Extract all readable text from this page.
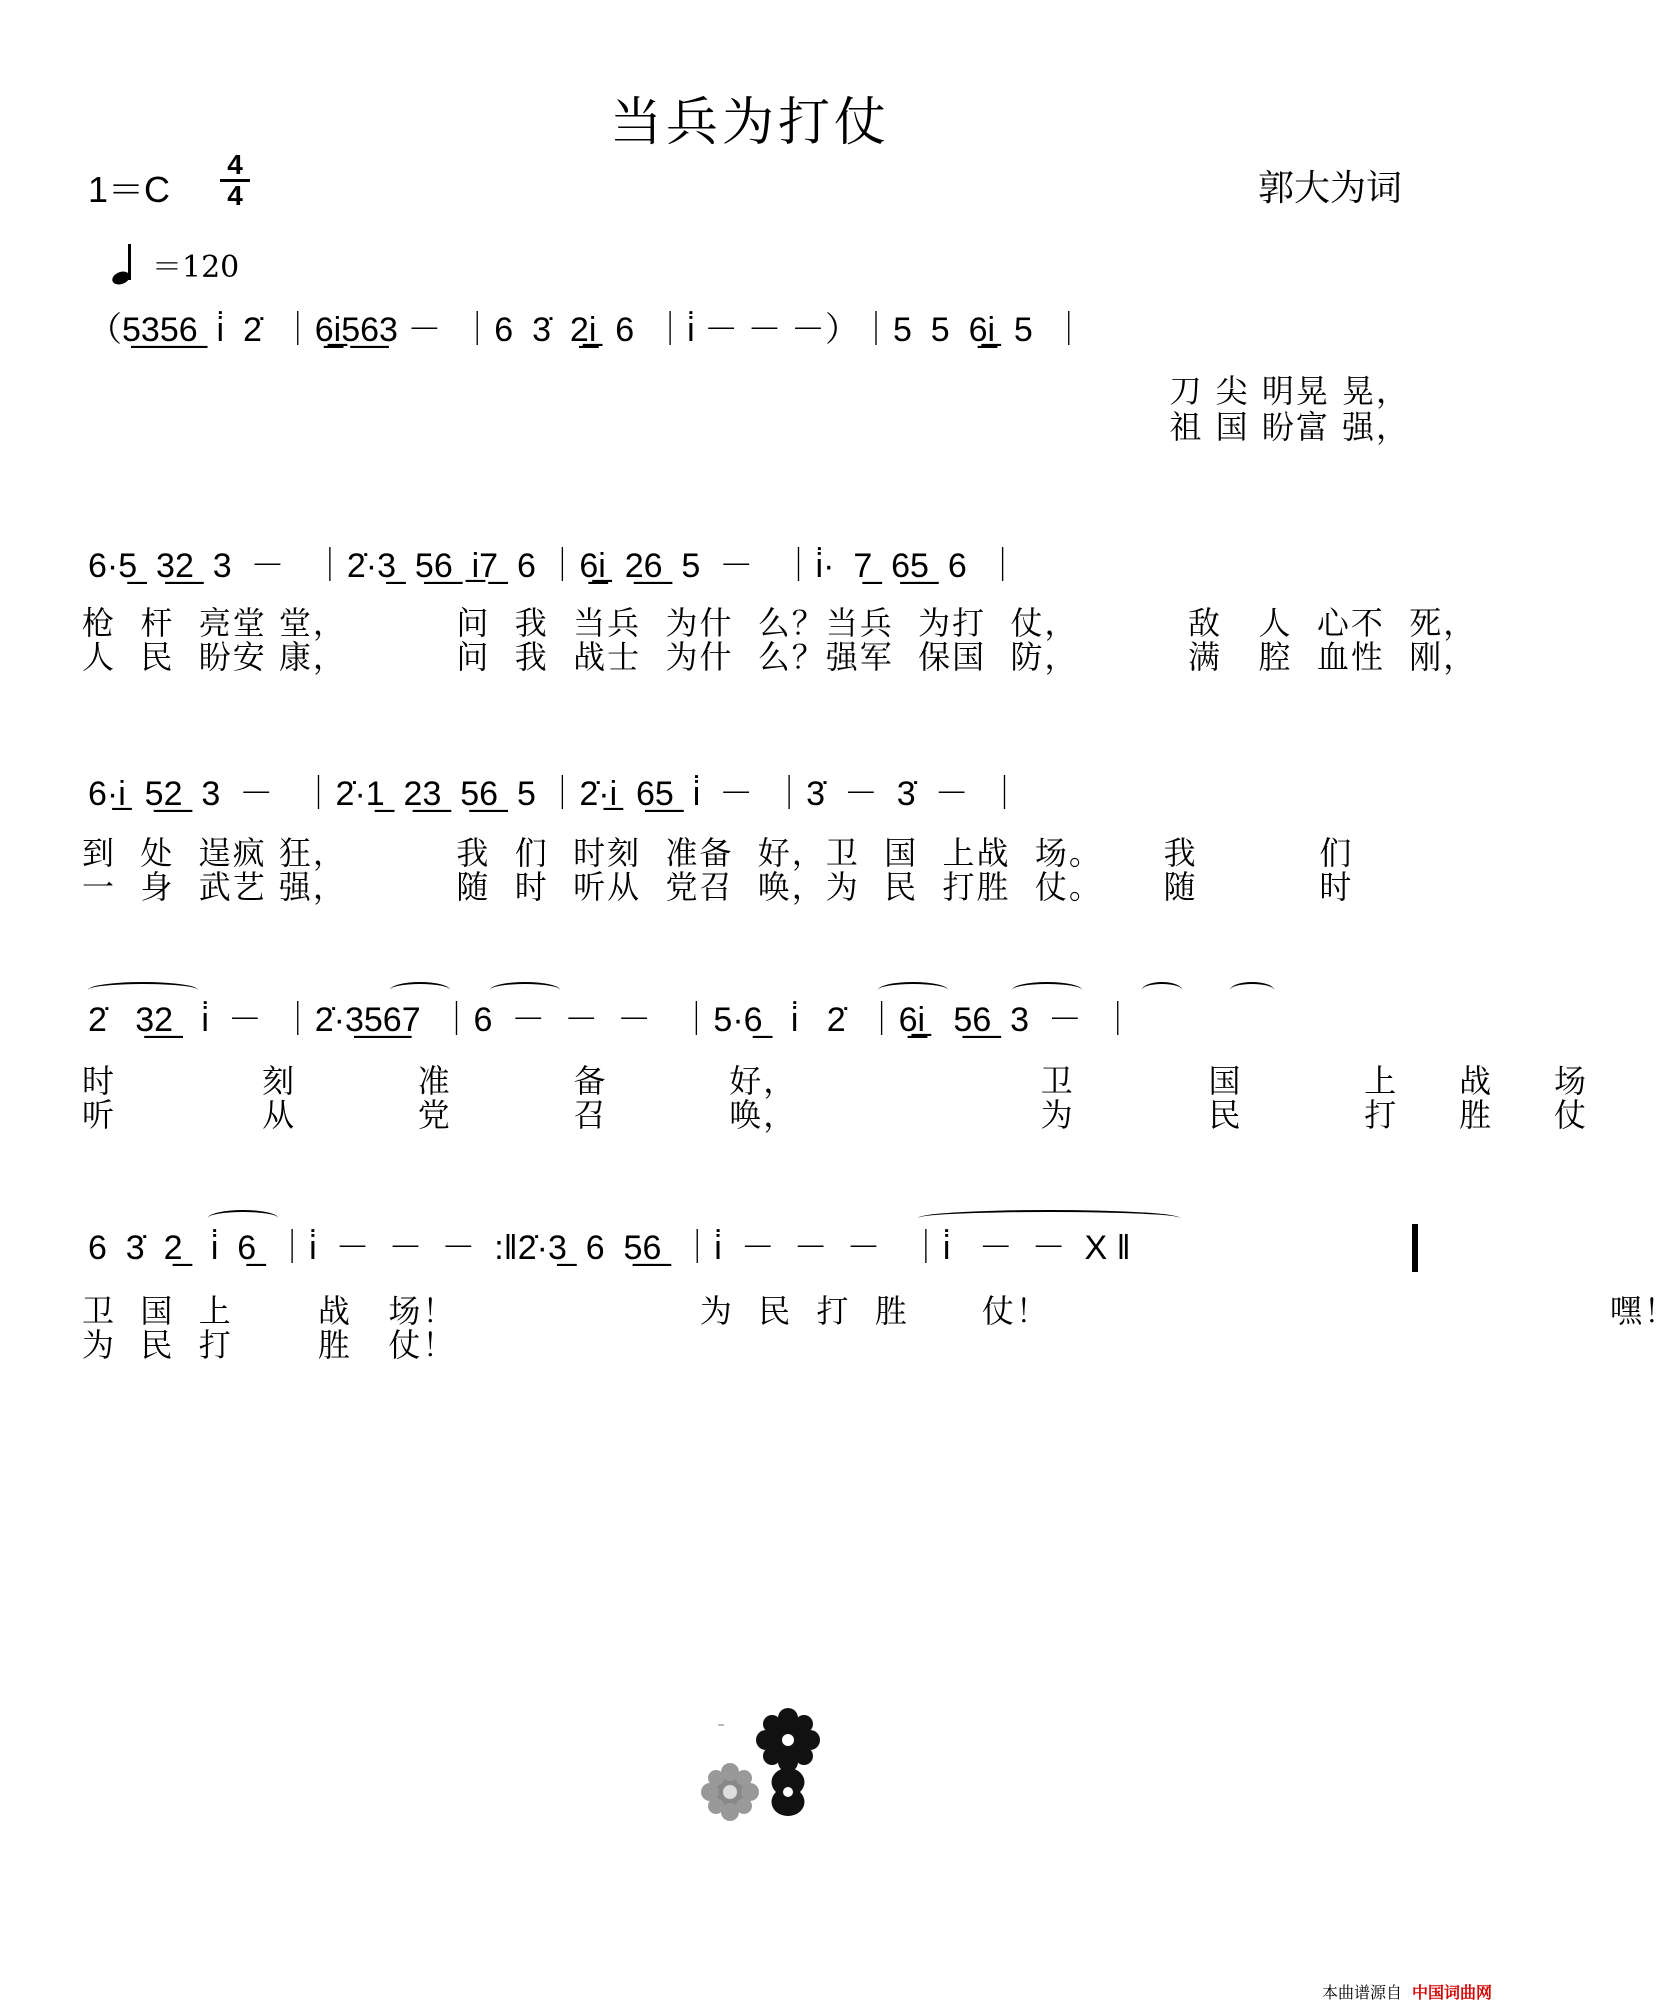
当兵为打仗
1＝C
4
4	郭大为词
＝120
（5̲3̲5̲6̲  i̇  2̇  ｜6̲i̲5̲6̲3 －  ｜6  3̇  2̲i̲  6  ｜i̇ － － －）｜5  5  6̲i̲  5  ｜
刀 尖 明晃 晃，
祖 国 盼富 强，
6·5̲  3̲2̲  3  －   ｜2̇·3̲  5̲6̲  i̲7̲  6 ｜6̲i̲  2̲6̲  5  －   ｜i̇·  7̲  6̲5̲  6  ｜
枪  杆  亮堂 堂，         问  我  当兵  为什  么？当兵  为打  仗，         敌   人  心不  死，
人  民  盼安 康，         问  我  战士  为什  么？强军  保国  防，         满   腔  血性  刚，
6·i̲  5̲2̲  3  －   ｜2̇·1̲  2̲3̲  5̲6̲  5 ｜2̇·i̲  6̲5̲  i̇  －  ｜3̇  －  3̇  －  ｜
到  处  逞疯 狂，         我  们  时刻  准备  好，卫  国  上战  场。     我          们
一  身  武艺 强，         随  时  听从  党召  唤，为  民  打胜  仗。     随          时
2̇   3̲2̲   i̇  －  ｜2̇·3̲5̲6̲7  ｜6  －  －  －   ｜5·6̲   i̇   2̇  ｜6̲i̲   5̲6̲  3  －  ｜
时            刻          准          备          好，                    卫           国          上     战     场
听            从          党          召          唤，                    为           民          打     胜     仗
6  3̇  2̲   i̇  6̲  ｜i̇  －  －  －  :‖2̇·3̲  6  5̲6̲  ｜i̇  －  －  －   ｜i̇   －  －  X ‖
卫  国  上       战   场！                    为  民  打  胜      仗！                                              嘿！
为  民  打       胜   仗！
本曲谱源自 中国词曲网
